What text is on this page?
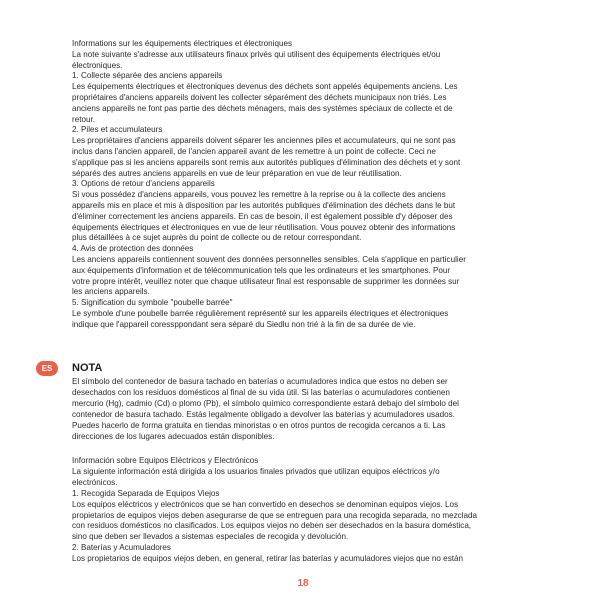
Informations sur les équipements électriques et électroniques

La note suivante s'adresse aux utilisateurs finaux privés qui utilisent des équipements électriques et/ou

électroniques.

1. Collecte séparée des anciens appareils

Les équipements électriques et électroniques devenus des déchets sont appelés équipements anciens. Les

propriétaires d'anciens appareils doivent les collecter séparément des déchets municipaux non triés. Les

anciens appareils ne font pas partie des déchets ménagers, mais des systèmes spéciaux de collecte et de

retour.

2. Piles et accumulateurs

Les propriétaires d'anciens appareils doivent séparer les anciennes piles et accumulateurs, qui ne sont pas

inclus dans l'ancien appareil, de l'ancien appareil avant de les remettre à un point de collecte. Ceci ne

s'applique pas si les anciens appareils sont remis aux autorités publiques d'élimination des déchets et y sont

séparés des autres anciens appareils en vue de leur préparation en vue de leur réutilisation.

3. Options de retour d'anciens appareils

Si vous possédez d'anciens appareils, vous pouvez les remettre à la reprise ou à la collecte des anciens

appareils mis en place et mis à disposition par les autorités publiques d'élimination des déchets dans le but

d'éliminer correctement les anciens appareils. En cas de besoin, il est également possible d'y déposer des

équipements électriques et électroniques en vue de leur réutilisation. Vous pouvez obtenir des informations

plus détaillées à ce sujet auprès du point de collecte ou de retour correspondant.

4. Avis de protection des données

Les anciens appareils contiennent souvent des données personnelles sensibles. Cela s'applique en particulier

aux équipements d'information et de télécommunication tels que les ordinateurs et les smartphones. Pour

votre propre intérêt, veuillez noter que chaque utilisateur final est responsable de supprimer les données sur

les anciens appareils.

5. Signification du symbole "poubelle barrée"

Le symbole d'une poubelle barrée régulièrement représenté sur les appareils électriques et électroniques

indique que l'appareil coressppondant sera séparé du Siedlu non trié à la fin de sa durée de vie.

ES	NOTA

El símbolo del contenedor de basura tachado en baterías o acumuladores indica que estos no deben ser

desechados con los residuos domésticos al final de su vida útil. Si las baterías o acumuladores contienen

mercurio (Hg), cadmio (Cd) o plomo (Pb), el símbolo químico correspondiente estará debajo del símbolo del

contenedor de basura tachado. Estás legalmente obligado a devolver las baterías y acumuladores usados.

Puedes hacerlo de forma gratuita en tiendas minoristas o en otros puntos de recogida cercanos a ti. Las

direcciones de los lugares adecuados están disponibles.

Información sobre Equipos Eléctricos y Electrónicos

La siguiente información está dirigida a los usuarios finales privados que utilizan equipos eléctricos y/o

electrónicos.

1. Recogida Separada de Equipos Viejos

Los equipos eléctricos y electrónicos que se han convertido en desechos se denominan equipos viejos. Los

propietarios de equipos viejos deben asegurarse de que se entreguen para una recogida separada, no mezclada

con residuos domésticos no clasificados. Los equipos viejos no deben ser desechados en la basura doméstica,

sino que deben ser llevados a sistemas especiales de recogida y devolución.

2. Baterías y Acumuladores

Los propietarios de equipos viejos deben, en general, retirar las baterías y acumuladores viejos que no están

18
